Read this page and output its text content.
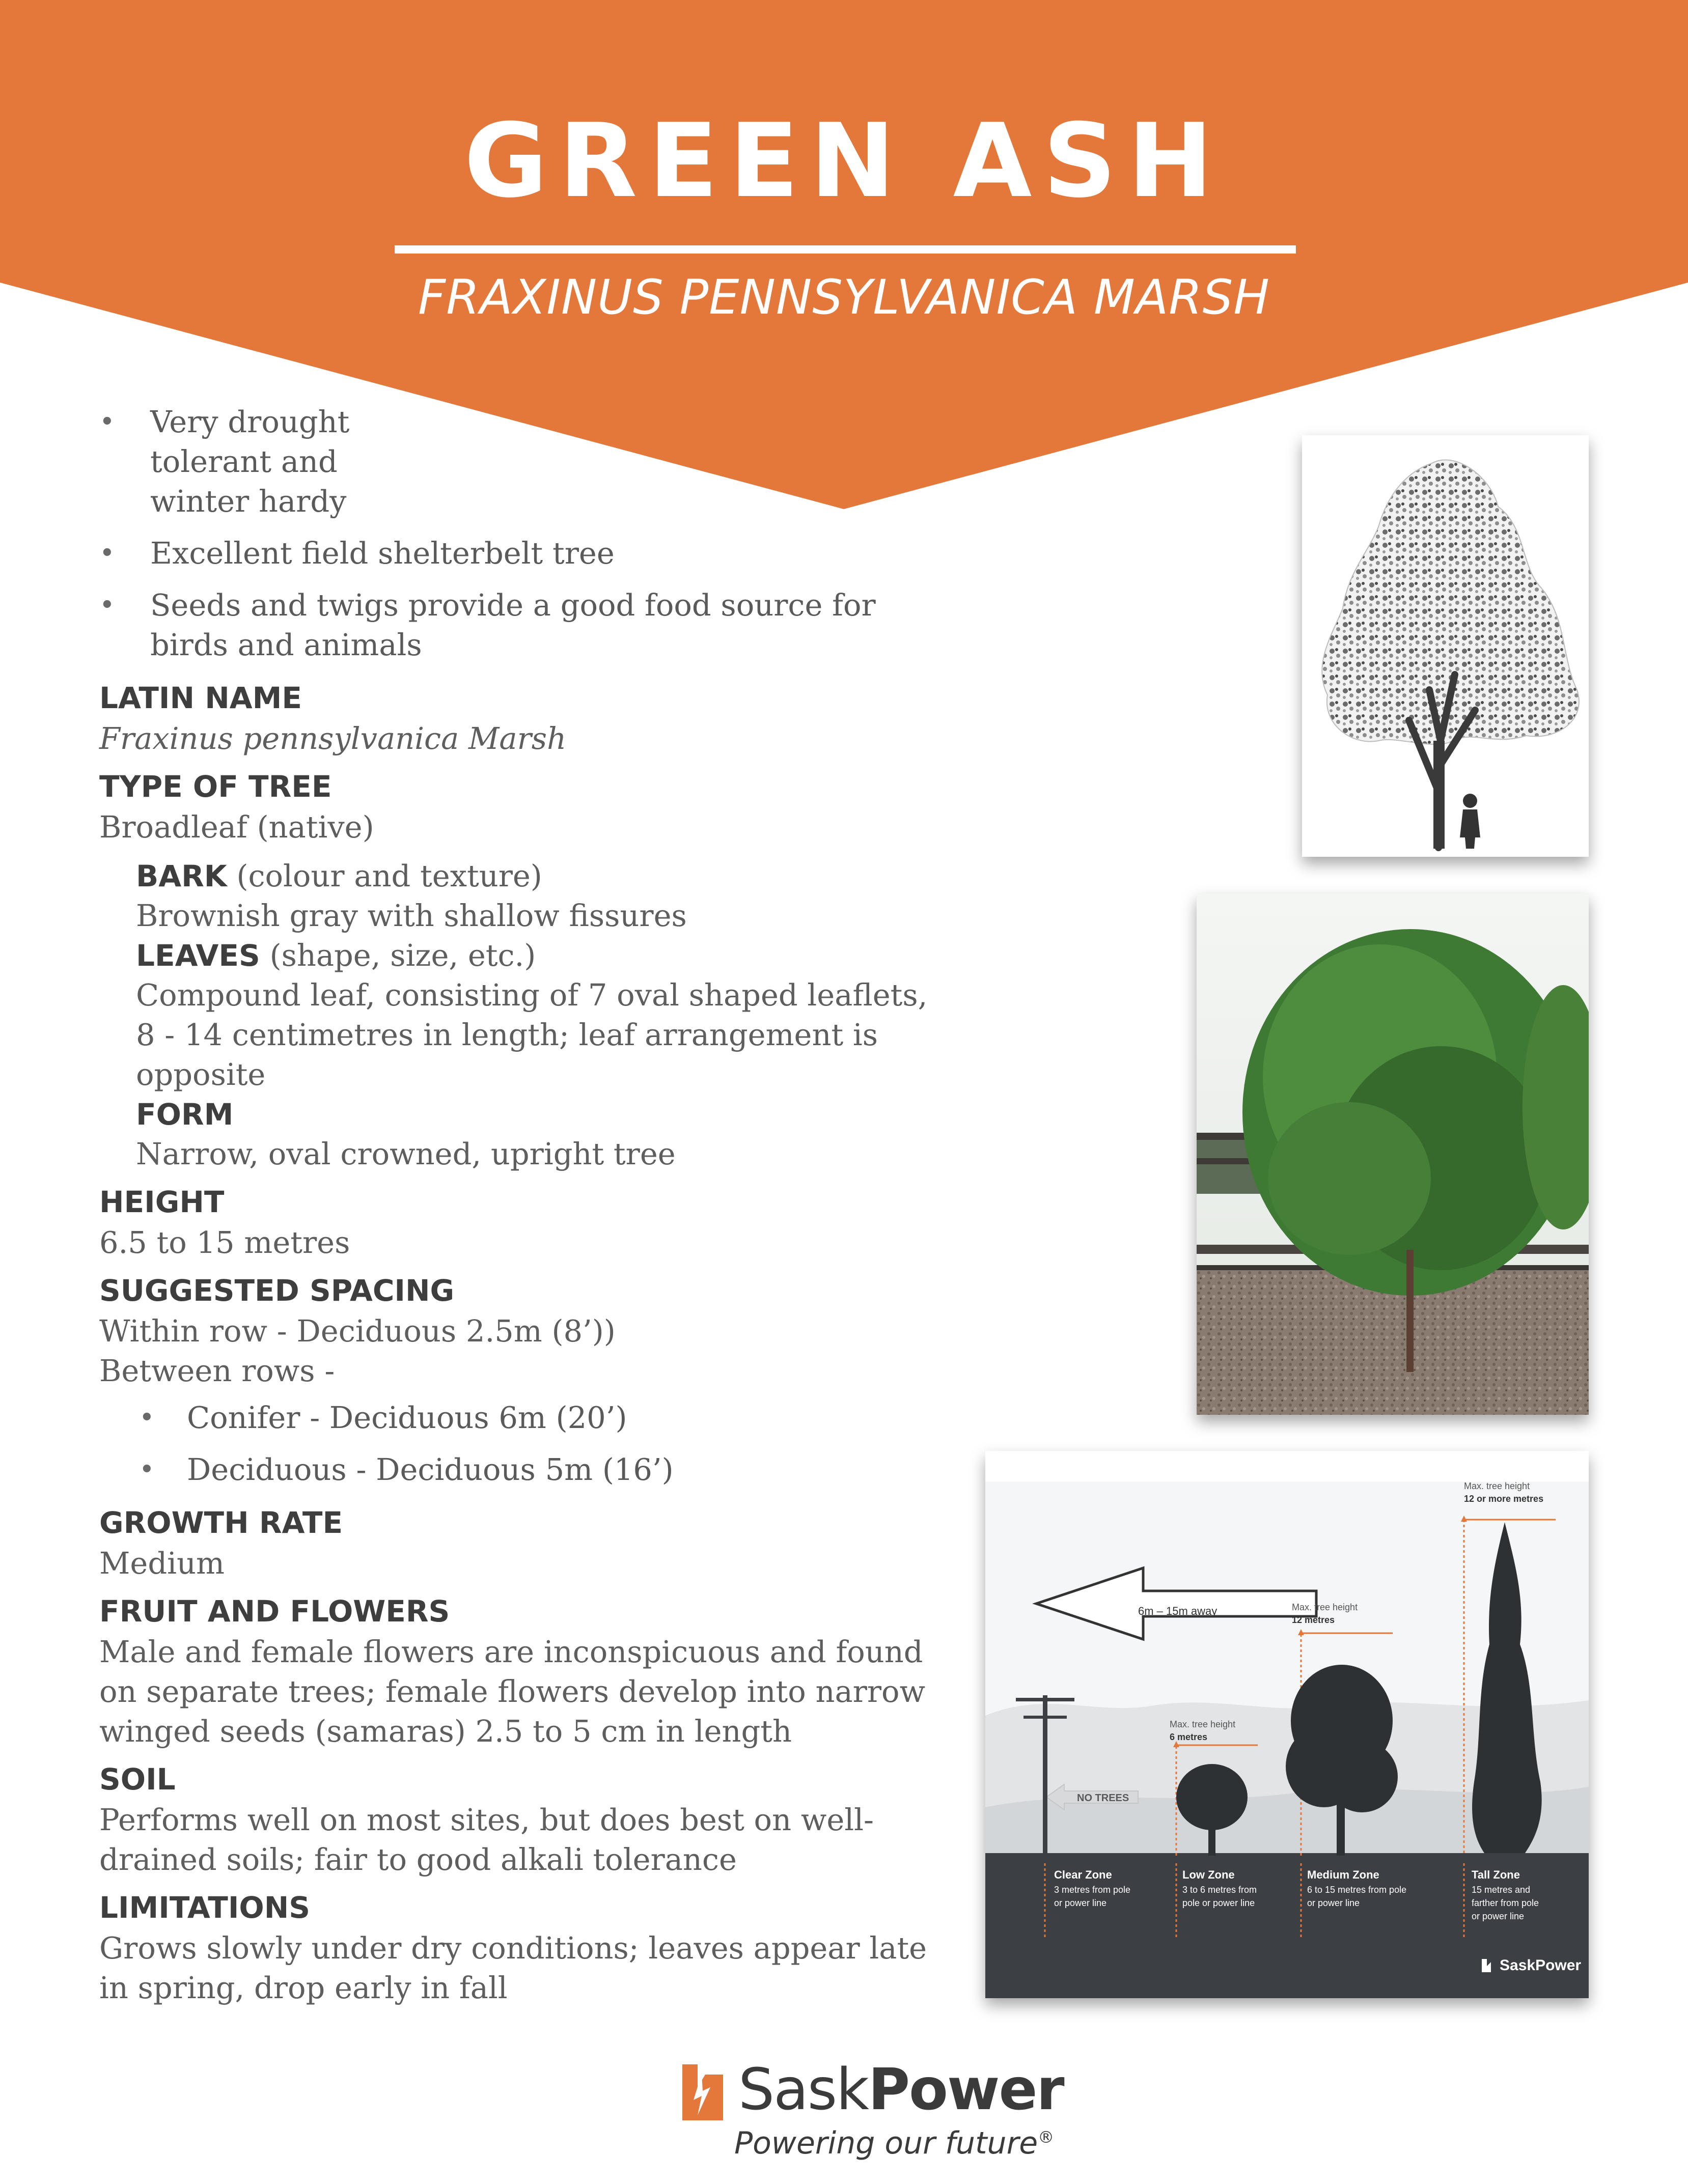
GREEN ASH
FRAXINUS PENNSYLVANICA MARSH
• Very drought tolerant and winter hardy
• Excellent field shelterbelt tree
• Seeds and twigs provide a good food source for birds and animals
LATIN NAME
Fraxinus pennsylvanica Marsh
TYPE OF TREE
Broadleaf (native)
BARK (colour and texture)
Brownish gray with shallow fissures
LEAVES (shape, size, etc.)
Compound leaf, consisting of 7 oval shaped leaflets, 8 - 14 centimetres in length; leaf arrangement is opposite
FORM
Narrow, oval crowned, upright tree
HEIGHT
6.5 to 15 metres
SUGGESTED SPACING
Within row - Deciduous 2.5m (8’))
Between rows -
• Conifer - Deciduous 6m (20’)
• Deciduous - Deciduous 5m (16’)
GROWTH RATE
Medium
FRUIT AND FLOWERS
Male and female flowers are inconspicuous and found on separate trees; female flowers develop into narrow winged seeds (samaras) 2.5 to 5 cm in length
SOIL
Performs well on most sites, but does best on well-drained soils; fair to good alkali tolerance
LIMITATIONS
Grows slowly under dry conditions; leaves appear late in spring, drop early in fall
6m – 15m away
NO TREES
Max. tree height
12 or more metres
Max. tree height
12 metres
Max. tree height
6 metres
Clear Zone
3 metres from pole
or power line
Low Zone
3 to 6 metres from
pole or power line
Medium Zone
6 to 15 metres from pole
or power line
Tall Zone
15 metres and
farther from pole
or power line
SaskPower
SaskPower
Powering our future®
